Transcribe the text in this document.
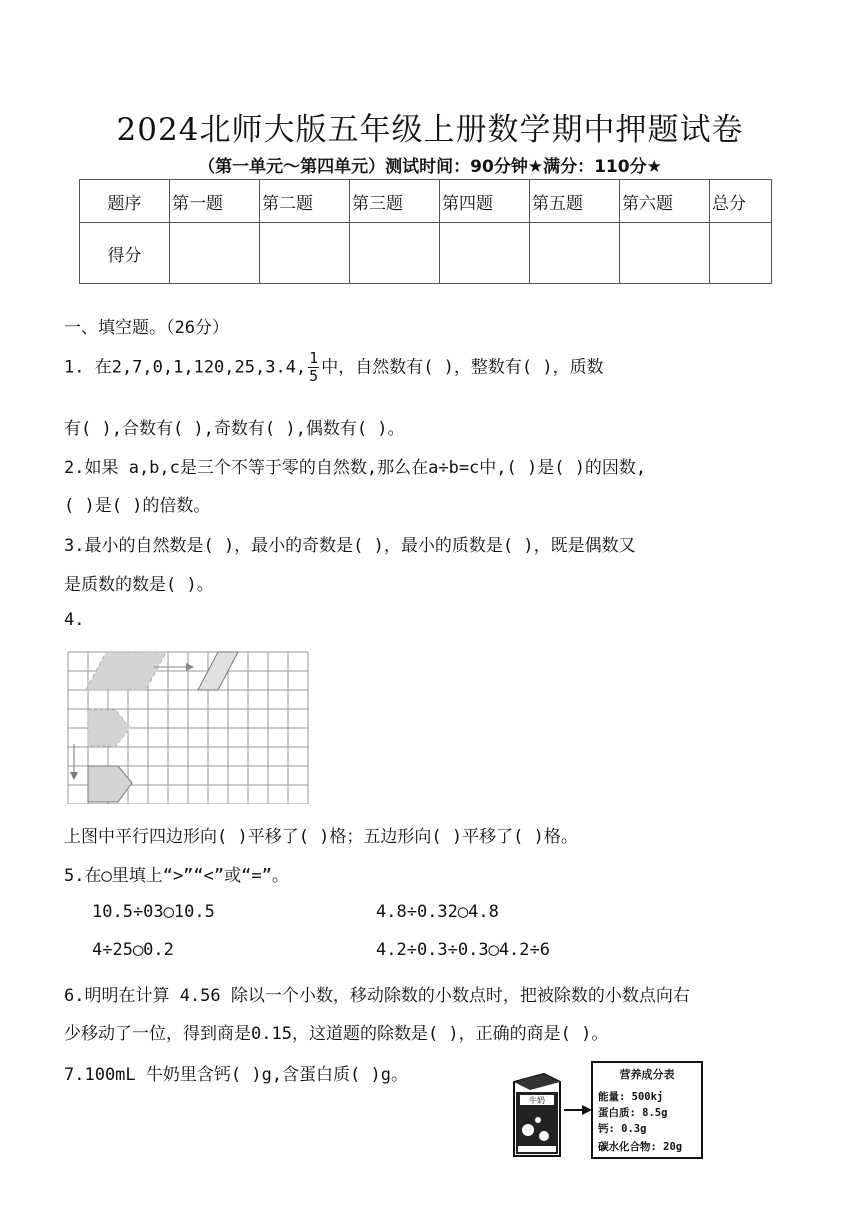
2024北师大版五年级上册数学期中押题试卷
（第一单元～第四单元）测试时间：90分钟★满分：110分★
题序	第一题	第二题	第三题	第四题	第五题	第六题	总分
得分							
一、填空题。（26分）
1. 在2,7,0,1,120,25,3.4, $\frac{1}{5}$ 中，自然数有( )，整数有( )，质数
有( ),合数有( ),奇数有( ),偶数有( )。
2.如果 a,b,c是三个不等于零的自然数,那么在a÷b=c中,( )是( )的因数,
( )是( )的倍数。
3.最小的自然数是( )，最小的奇数是( )，最小的质数是( )，既是偶数又
是质数的数是( )。
4.
上图中平行四边形向( )平移了( )格；五边形向( )平移了( )格。
5.在◯里填上“>”“<”或“=”。
10.5÷03◯10.5	4.8÷0.32◯4.8
4÷25◯0.2	4.2÷0.3÷0.3◯4.2÷6
6.明明在计算 4.56 除以一个小数，移动除数的小数点时，把被除数的小数点向右
少移动了一位，得到商是0.15，这道题的除数是( )，正确的商是( )。
7.100mL 牛奶里含钙( )g,含蛋白质( )g。
牛奶
营养成分表
能量: 500kj
蛋白质: 8.5g
钙: 0.3g
碳水化合物: 20g
